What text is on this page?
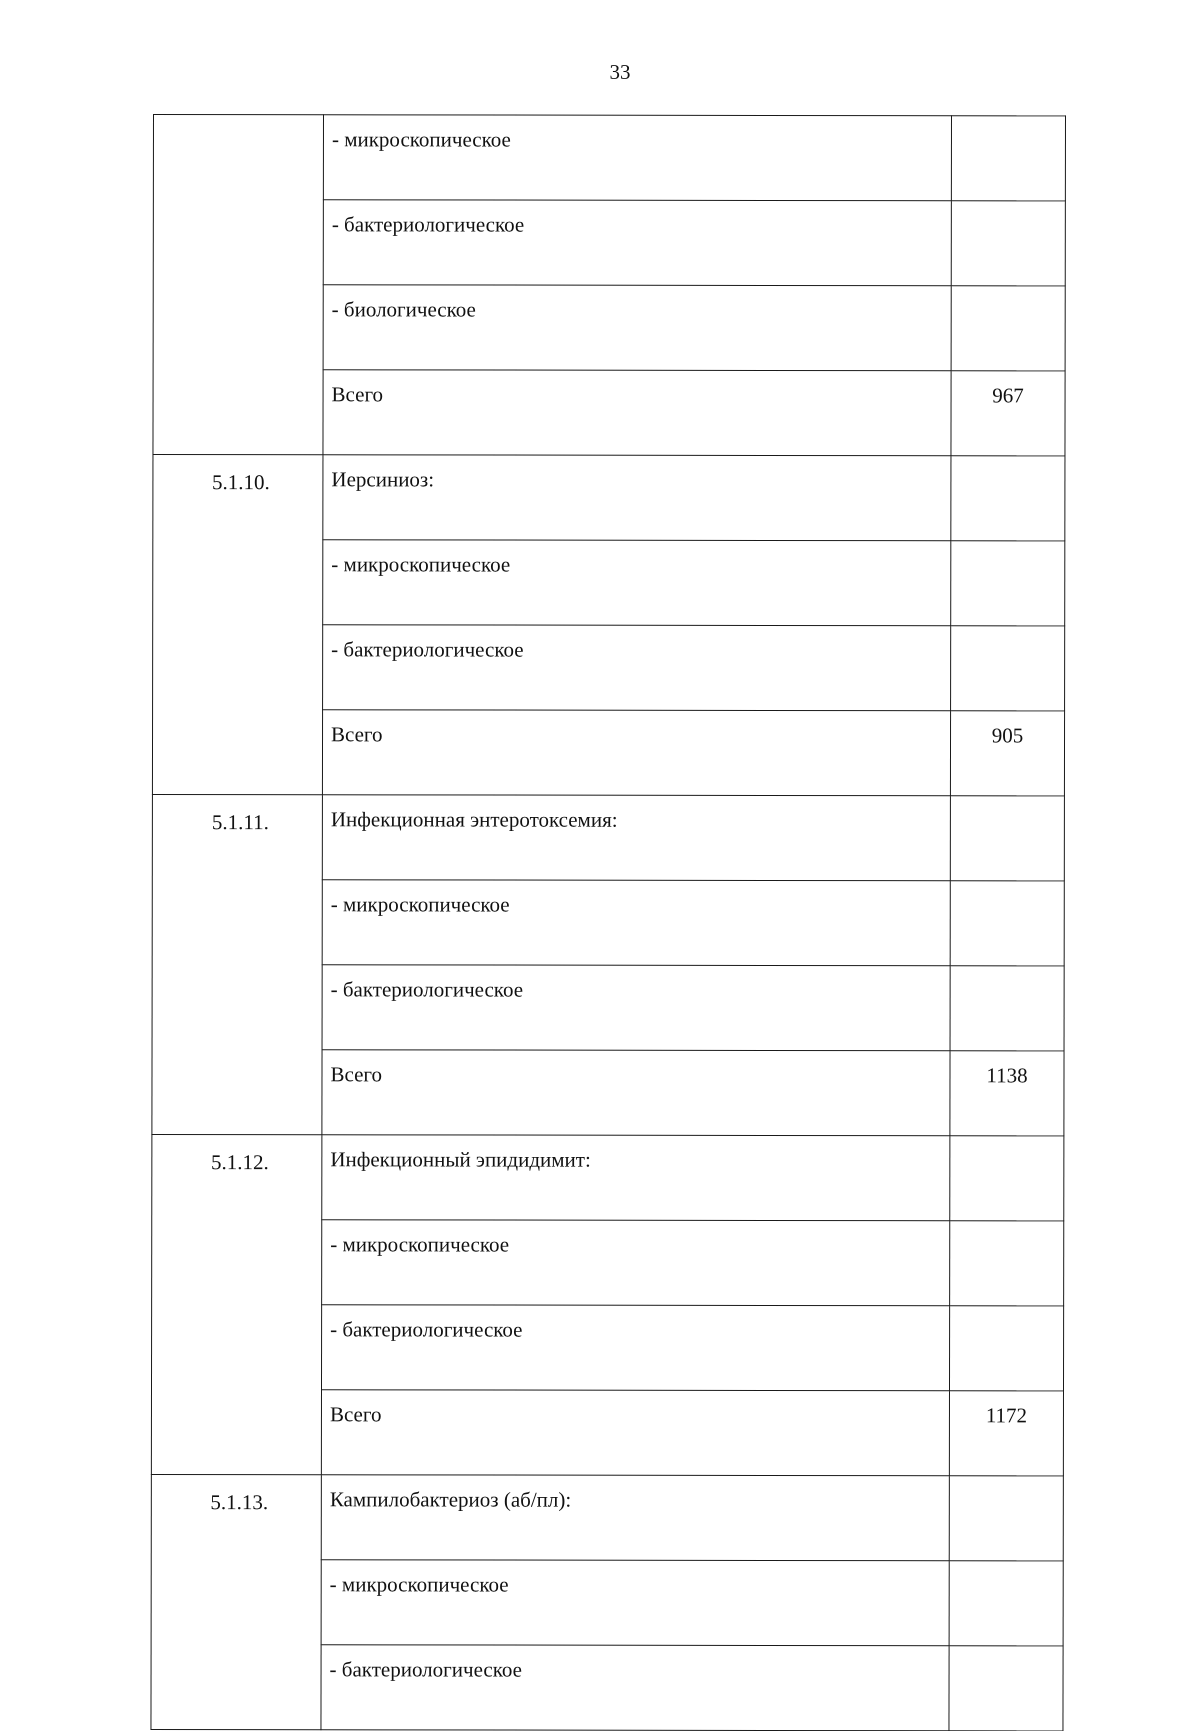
33
	- микроскопическое	
	- бактериологическое	
	- биологическое	
	Всего	967
5.1.10.	Иерсиниоз:	
	- микроскопическое	
	- бактериологическое	
	Всего	905
5.1.11.	Инфекционная энтеротоксемия:	
	- микроскопическое	
	- бактериологическое	
	Всего	1138
5.1.12.	Инфекционный эпидидимит:	
	- микроскопическое	
	- бактериологическое	
	Всего	1172
5.1.13.	Кампилобактериоз (аб/пл):	
	- микроскопическое	
	- бактериологическое	
